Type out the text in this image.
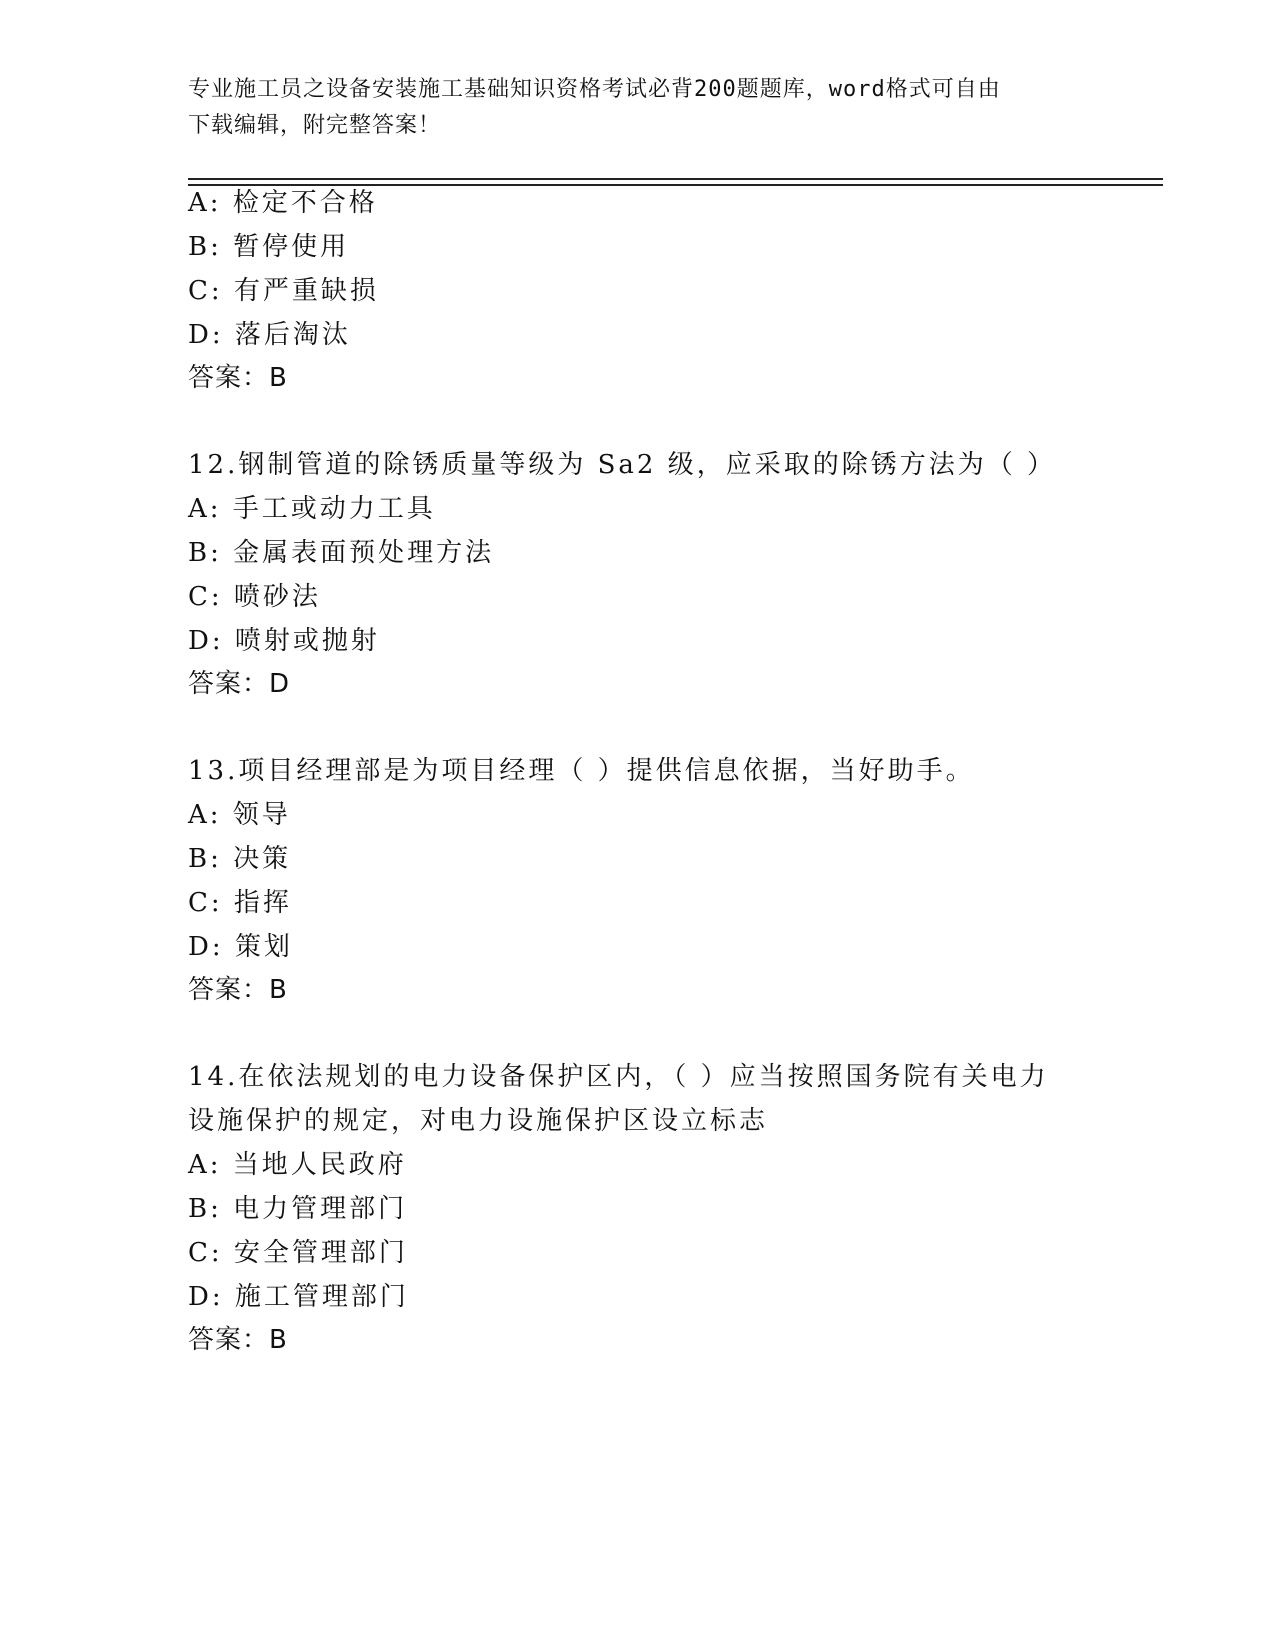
专业施工员之设备安装施工基础知识资格考试必背200题题库，word格式可自由
下载编辑，附完整答案！
A: 检定不合格
B: 暂停使用
C: 有严重缺损
D: 落后淘汰
答案：B
12.钢制管道的除锈质量等级为 Sa2 级，应采取的除锈方法为（ ）
A: 手工或动力工具
B: 金属表面预处理方法
C: 喷砂法
D: 喷射或抛射
答案：D
13.项目经理部是为项目经理（ ）提供信息依据，当好助手。
A: 领导
B: 决策
C: 指挥
D: 策划
答案：B
14.在依法规划的电力设备保护区内，（ ）应当按照国务院有关电力
设施保护的规定，对电力设施保护区设立标志
A: 当地人民政府
B: 电力管理部门
C: 安全管理部门
D: 施工管理部门
答案：B
